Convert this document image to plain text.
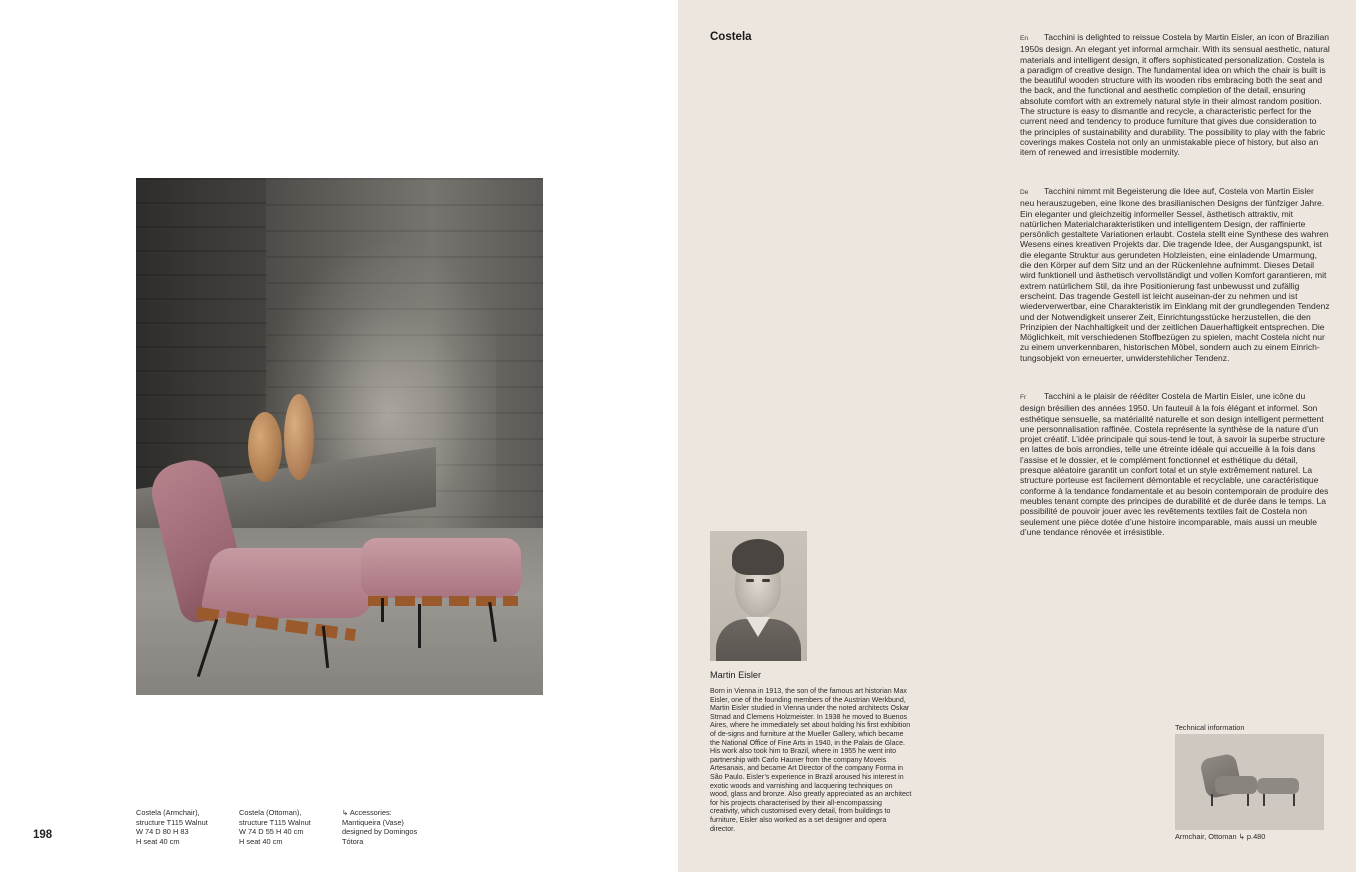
Costela (Armchair),
structure T115 Walnut
W 74 D 80 H 83
H seat 40 cm
Costela (Ottoman),
structure T115 Walnut
W 74 D 55 H 40 cm
H seat 40 cm
↳ Accessories:
Mantiqueira (Vase)
designed by Domingos
Tótora
198
Costela	En Tacchini is delighted to reissue Costela by Martin Eisler, an icon of Brazilian 1950s design. An elegant yet informal armchair. With its sensual aesthetic, natural materials and intelligent design, it offers sophisticated personalization. Costela is a paradigm of creative design. The fundamental idea on which the chair is built is the beautiful wooden structure with its wooden ribs embracing both the seat and the back, and the functional and aesthetic completion of the detail, ensuring absolute comfort with an extremely natural style in their almost random position. The structure is easy to dismantle and recycle, a characteristic perfect for the current need and tendency to produce furniture that gives due consideration to the principles of sustainability and durability. The possibility to play with the fabric coverings makes Costela not only an unmistakable piece of history, but also an item of renewed and irresistible modernity.
De Tacchini nimmt mit Begeisterung die Idee auf, Costela von Martin Eisler neu herauszugeben, eine Ikone des brasilianischen Designs der fünfziger Jahre. Ein eleganter und gleichzeitig informeller Sessel, ästhetisch attraktiv, mit natürlichen Materialcharakteristiken und intelligentem Design, der raffinierte persönlich gestaltete Variationen erlaubt. Costela stellt eine Synthese des wahren Wesens eines kreativen Projekts dar. Die tragende Idee, der Ausgangspunkt, ist die elegante Struktur aus gerundeten Holzleisten, eine einladende Umarmung, die den Körper auf dem Sitz und an der Rückenlehne aufnimmt. Dieses Detail wird funktionell und ästhetisch vervollständigt und vollen Komfort garantieren, mit extrem natürlichem Stil, da ihre Positionierung fast unbewusst und zufällig erscheint. Das tragende Gestell ist leicht auseinan-der zu nehmen und ist wiederverwertbar, eine Charakteristik im Einklang mit der grundlegenden Tendenz und der Notwendigkeit unserer Zeit, Einrichtungsstücke herzustellen, die den Prinzipien der Nachhaltigkeit und der zeitlichen Dauerhaftigkeit entsprechen. Die Möglichkeit, mit verschiedenen Stoffbezügen zu spielen, macht Costela nicht nur zu einem unverkennbaren, historischen Möbel, sondern auch zu einem Einrich-tungsobjekt von erneuerter, unwiderstehlicher Tendenz.
Fr Tacchini a le plaisir de rééditer Costela de Martin Eisler, une icône du design brésilien des années 1950. Un fauteuil à la fois élégant et informel. Son esthétique sensuelle, sa matérialité naturelle et son design intelligent permettent une personnalisation raffinée. Costela représente la synthèse de la nature d’un projet créatif. L’idée principale qui sous-tend le tout, à savoir la superbe structure en lattes de bois arrondies, telle une étreinte idéale qui accueille à la fois dans l’assise et le dossier, et le complément fonctionnel et esthétique du détail, presque aléatoire garantit un confort total et un style extrêmement naturel. La structure porteuse est facilement démontable et recyclable, une caractéristique conforme à la tendance fondamentale et au besoin contemporain de produire des meubles tenant compte des principes de durabilité et de durée dans le temps. La possibilité de pouvoir jouer avec les revêtements textiles fait de Costela non seulement une pièce dotée d’une histoire incomparable, mais aussi un meuble d’une tendance rénovée et irrésistible.
Martin Eisler
Born in Vienna in 1913, the son of the famous art historian Max Eisler, one of the founding members of the Austrian Werkbund, Martin Eisler studied in Vienna under the noted architects Oskar Strnad and Clemens Holzmeister. In 1938 he moved to Buenos Aires, where he immediately set about holding his first exhibition of de-signs and furniture at the Mueller Gallery, which became the National Office of Fine Arts in 1940, in the Palais de Glace. His work also took him to Brazil, where in 1955 he went into partnership with Carlo Hauner from the company Moveis Artesanais, and became Art Director of the company Forma in São Paulo. Eisler’s experience in Brazil aroused his interest in exotic woods and varnishing and lacquering techniques on wood, glass and bronze. Also greatly appreciated as an architect for his projects characterised by their all-encompassing creativity, which customised every detail, from buildings to furniture, Eisler also worked as a set designer and opera director.
Technical information
Armchair, Ottoman ↳ p.480
